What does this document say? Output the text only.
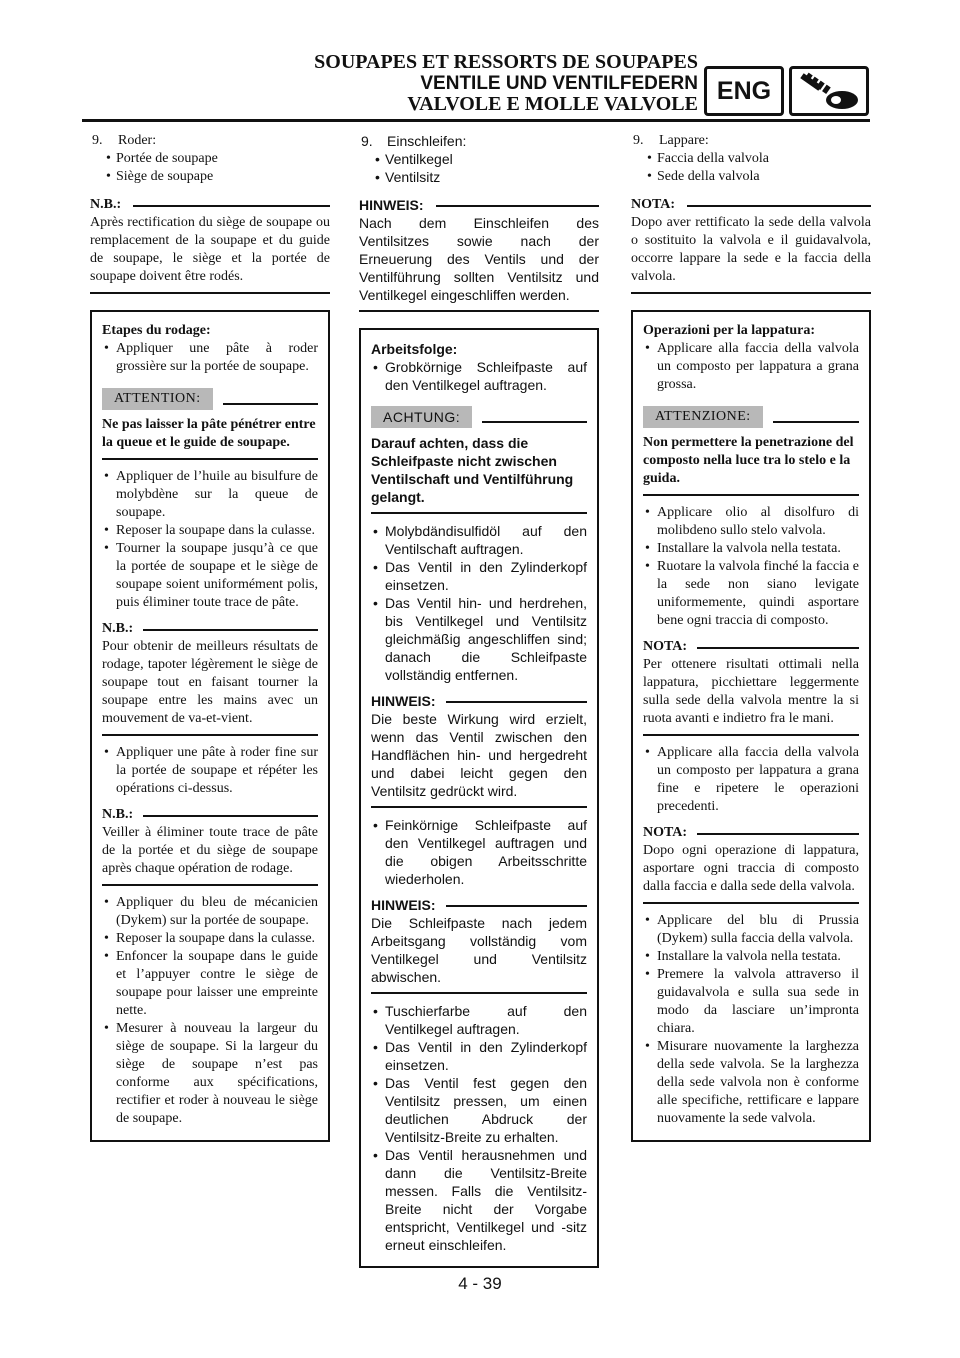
SOUPAPES ET RESSORTS DE SOUPAPES
VENTILE UND VENTILFEDERN
VALVOLE E MOLLE VALVOLE ENG
9.	Roder:
• Portée de soupape
• Siège de soupape
N.B.:
Après rectification du siège de soupape ou remplacement de la soupape et du guide de soupape, le siège et la portée de soupape doivent être rodés.
Etapes du rodage:
• Appliquer une pâte à roder grossière sur la portée de soupape.
ATTENTION:
Ne pas laisser la pâte pénétrer entre la queue et le guide de soupape.
• Appliquer de l’huile au bisulfure de molybdène sur la queue de soupape.
• Reposer la soupape dans la culasse.
• Tourner la soupape jusqu’à ce que la portée de soupape et le siège de soupape soient uniformément polis, puis éliminer toute trace de pâte.
N.B.:
Pour obtenir de meilleurs résultats de rodage, tapoter légèrement le siège de soupape tout en faisant tourner la soupape entre les mains avec un mouvement de va-et-vient.
• Appliquer une pâte à roder fine sur la portée de soupape et répéter les opérations ci-dessus.
N.B.:
Veiller à éliminer toute trace de pâte de la portée et du siège de soupape après chaque opération de rodage.
• Appliquer du bleu de mécanicien (Dykem) sur la portée de soupape.
• Reposer la soupape dans la culasse.
• Enfoncer la soupape dans le guide et l’appuyer contre le siège de soupape pour laisser une empreinte nette.
• Mesurer à nouveau la largeur du siège de soupape. Si la largeur du siège de soupape n’est pas conforme aux spécifications, rectifier et roder à nouveau le siège de soupape.
9.	Einschleifen:
• Ventilkegel
• Ventilsitz
HINWEIS:
Nach dem Einschleifen des Ventilsitzes sowie nach der Erneuerung des Ventils und der Ventilführung sollten Ventilsitz und Ventilkegel eingeschliffen werden.
Arbeitsfolge:
• Grobkörnige Schleifpaste auf den Ventilkegel auftragen.
ACHTUNG:
Darauf achten, dass die Schleifpaste nicht zwischen Ventilschaft und Ventilführung gelangt.
• Molybdändisulfidöl auf den Ventilschaft auftragen.
• Das Ventil in den Zylinderkopf einsetzen.
• Das Ventil hin- und herdrehen, bis Ventilkegel und Ventilsitz gleichmäßig angeschliffen sind; danach die Schleifpaste vollständig entfernen.
HINWEIS:
Die beste Wirkung wird erzielt, wenn das Ventil zwischen den Handflächen hin- und hergedreht und dabei leicht gegen den Ventilsitz gedrückt wird.
• Feinkörnige Schleifpaste auf den Ventilkegel auftragen und die obigen Arbeitsschritte wiederholen.
HINWEIS:
Die Schleifpaste nach jedem Arbeitsgang vollständig vom Ventilkegel und Ventilsitz abwischen.
• Tuschierfarbe auf den Ventilkegel auftragen.
• Das Ventil in den Zylinderkopf einsetzen.
• Das Ventil fest gegen den Ventilsitz pressen, um einen deutlichen Abdruck der Ventilsitz-Breite zu erhalten.
• Das Ventil herausnehmen und dann die Ventilsitz-Breite messen. Falls die Ventilsitz-Breite nicht der Vorgabe entspricht, Ventilkegel und -sitz erneut einschleifen.
9.	Lappare:
• Faccia della valvola
• Sede della valvola
NOTA:
Dopo aver rettificato la sede della valvola o sostituito la valvola e il guidavalvola, occorre lappare la sede e la faccia della valvola.
Operazioni per la lappatura:
• Applicare alla faccia della valvola un composto per lappatura a grana grossa.
ATTENZIONE:
Non permettere la penetrazione del composto nella luce tra lo stelo e la guida.
• Applicare olio al disolfuro di molibdeno sullo stelo valvola.
• Installare la valvola nella testata.
• Ruotare la valvola finché la faccia e la sede non siano levigate uniformemente, quindi asportare bene ogni traccia di composto.
NOTA:
Per ottenere risultati ottimali nella lappatura, picchiettare leggermente sulla sede della valvola mentre la si ruota avanti e indietro fra le mani.
• Applicare alla faccia della valvola un composto per lappatura a grana fine e ripetere le operazioni precedenti.
NOTA:
Dopo ogni operazione di lappatura, asportare ogni traccia di composto dalla faccia e dalla sede della valvola.
• Applicare del blu di Prussia (Dykem) sulla faccia della valvola.
• Installare la valvola nella testata.
• Premere la valvola attraverso il guidavalvola e sulla sua sede in modo da lasciare un’impronta chiara.
• Misurare nuovamente la larghezza della sede valvola. Se la larghezza della sede valvola non è conforme alle specifiche, rettificare e lappare nuovamente la sede valvola.
4 - 39
